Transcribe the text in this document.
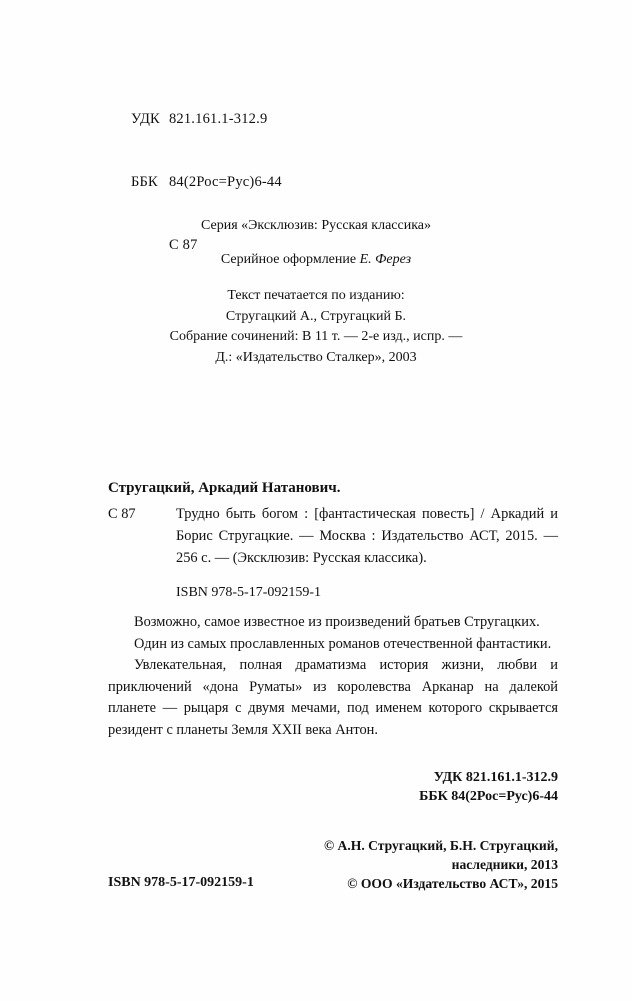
УДК 821.161.1-312.9

ББК 84(2Рос=Рус)6-44

С 87

Серия «Эксклюзив: Русская классика»
Серийное оформление Е. Ферез
Текст печатается по изданию:
Стругацкий А., Стругацкий Б.
Собрание сочинений: В 11 т. — 2-е изд., испр. —
Д.: «Издательство Сталкер», 2003
Стругацкий, Аркадий Натанович.
С 87	Трудно быть богом : [фантастическая повесть] / Аркадий и Борис Стругацкие. — Москва : Издательство АСТ, 2015. — 256 с. — (Эксклюзив: Русская классика).
ISBN 978-5-17-092159-1

Возможно, самое известное из произведений братьев Стругацких.

Один из самых прославленных романов отечественной фантастики.

Увлекательная, полная драматизма история жизни, любви и приключений «дона Руматы» из королевства Арканар на далекой планете — рыцаря с двумя мечами, под именем которого скрывается резидент с планеты Земля XXII века Антон.

УДК 821.161.1-312.9
ББК 84(2Рос=Рус)6-44
© А.Н. Стругацкий, Б.Н. Стругацкий,
наследники, 2013
© ООО «Издательство АСТ», 2015
ISBN 978-5-17-092159-1
